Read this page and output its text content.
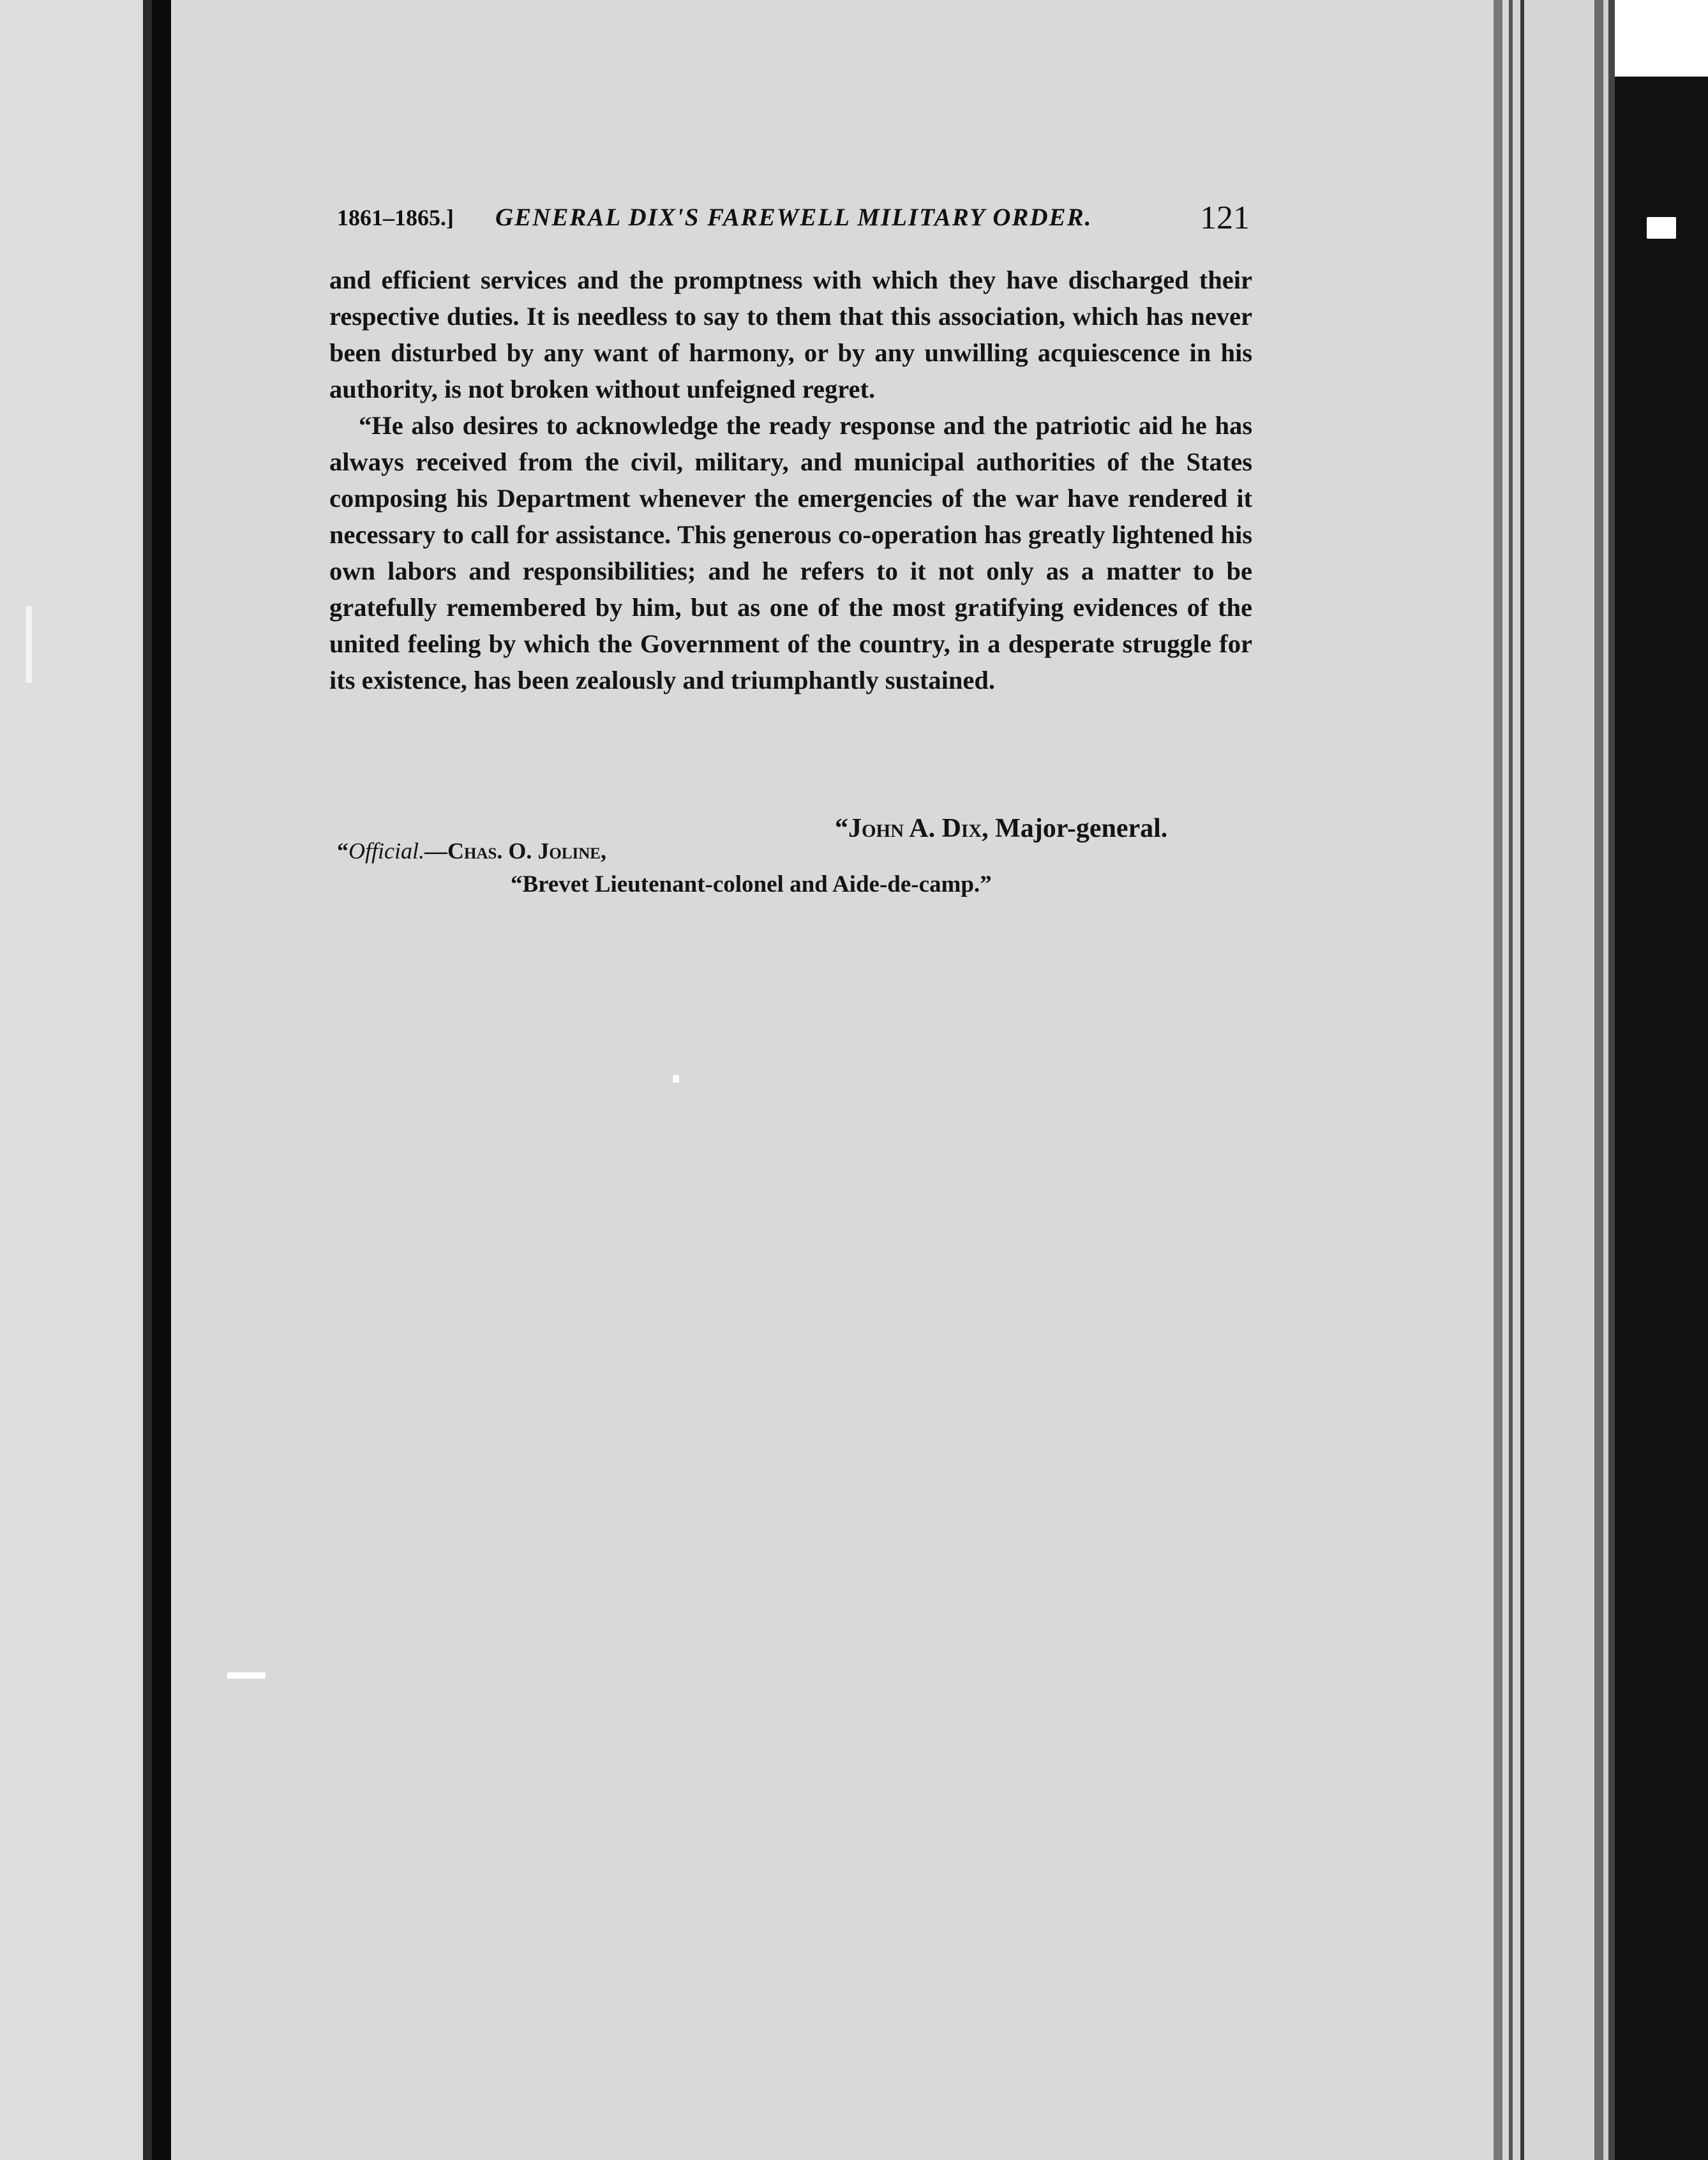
1861–1865.] GENERAL DIX'S FAREWELL MILITARY ORDER.	121

and efficient services and the promptness with which they have discharged their respective duties. It is needless to say to them that this association, which has never been disturbed by any want of harmony, or by any unwilling acquiescence in his authority, is not broken without unfeigned regret.

“He also desires to acknowledge the ready response and the patriotic aid he has always received from the civil, military, and municipal authorities of the States composing his Department whenever the emergencies of the war have rendered it necessary to call for assistance. This generous co-operation has greatly lightened his own labors and responsibilities; and he refers to it not only as a matter to be gratefully remembered by him, but as one of the most gratifying evidences of the united feeling by which the Government of the country, in a desperate struggle for its existence, has been zealously and triumphantly sustained.

“John A. Dix, Major-general.
“Official.—Chas. O. Joline,
“Brevet Lieutenant-colonel and Aide-de-camp.”
